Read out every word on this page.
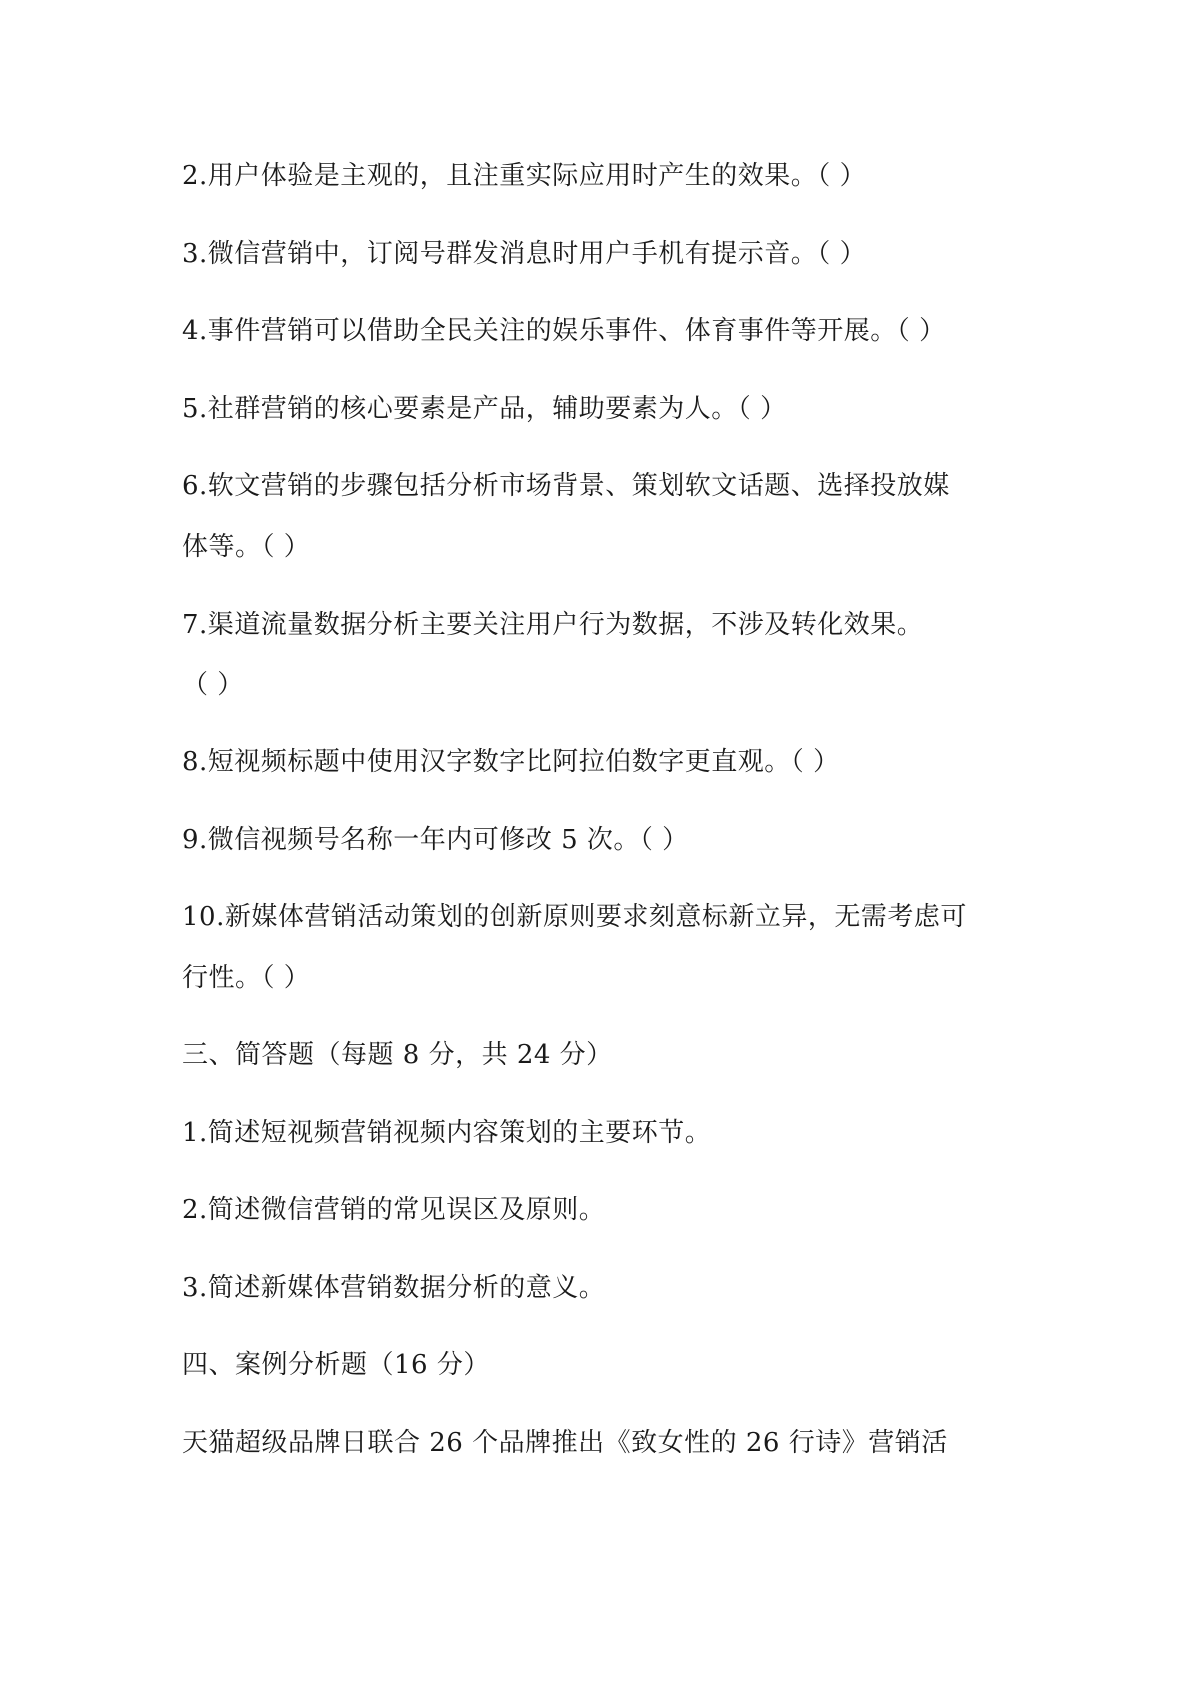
2.用户体验是主观的，且注重实际应用时产生的效果。（ ）
3.微信营销中，订阅号群发消息时用户手机有提示音。（ ）
4.事件营销可以借助全民关注的娱乐事件、体育事件等开展。（ ）
5.社群营销的核心要素是产品，辅助要素为人。（ ）
6.软文营销的步骤包括分析市场背景、策划软文话题、选择投放媒
体等。（ ）
7.渠道流量数据分析主要关注用户行为数据，不涉及转化效果。
（ ）
8.短视频标题中使用汉字数字比阿拉伯数字更直观。（ ）
9.微信视频号名称一年内可修改 5 次。（ ）
10.新媒体营销活动策划的创新原则要求刻意标新立异，无需考虑可
行性。（ ）
三、简答题（每题 8 分，共 24 分）
1.简述短视频营销视频内容策划的主要环节。
2.简述微信营销的常见误区及原则。
3.简述新媒体营销数据分析的意义。
四、案例分析题（16 分）
天猫超级品牌日联合 26 个品牌推出《致女性的 26 行诗》营销活
